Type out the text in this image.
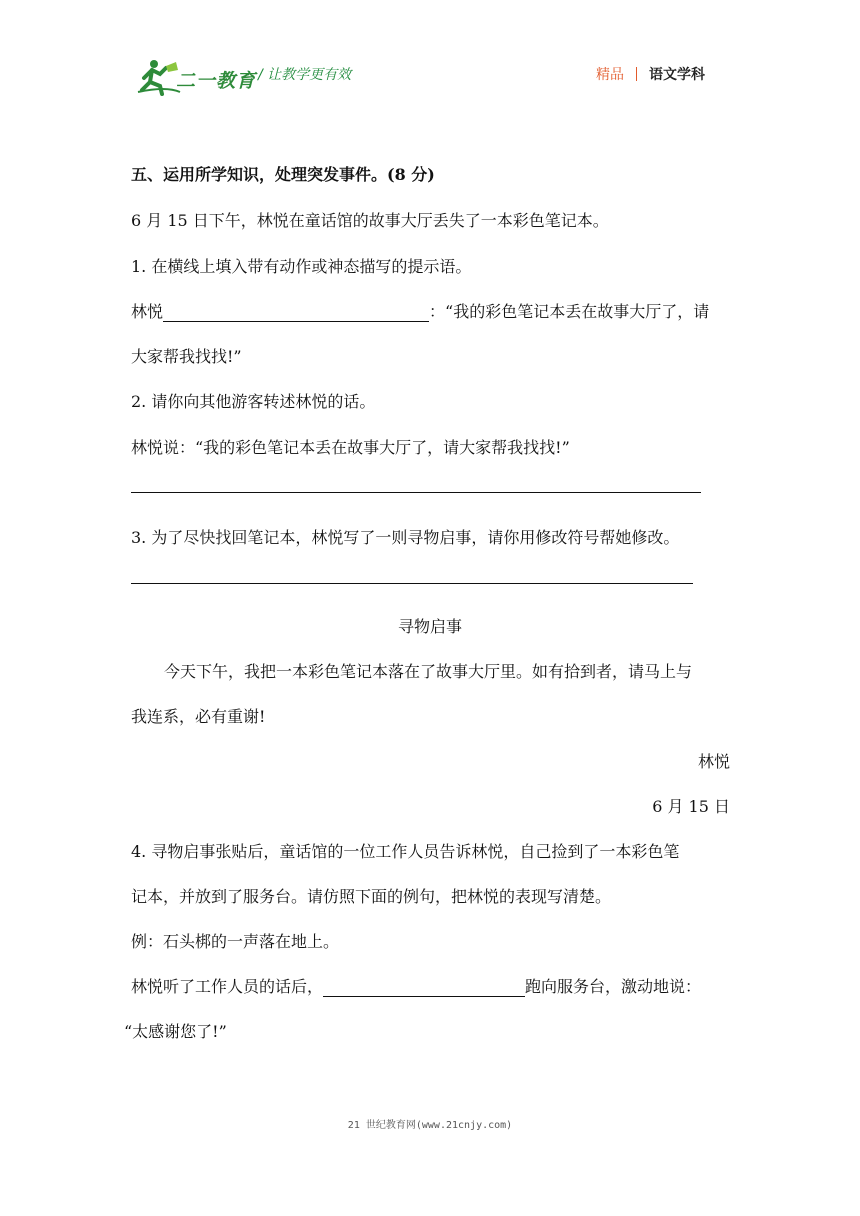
二一教育 / 让教学更有效	精品 语文学科
五、运用所学知识，处理突发事件。(8 分)
6 月 15 日下午，林悦在童话馆的故事大厅丢失了一本彩色笔记本。
1. 在横线上填入带有动作或神态描写的提示语。
林悦	：“我的彩色笔记本丢在故事大厅了，请
大家帮我找找!”
2. 请你向其他游客转述林悦的话。
林悦说：“我的彩色笔记本丢在故事大厅了，请大家帮我找找!”
3. 为了尽快找回笔记本，林悦写了一则寻物启事，请你用修改符号帮她修改。
寻物启事
今天下午，我把一本彩色笔记本落在了故事大厅里。如有拾到者，请马上与
我连系，必有重谢!
林悦
6 月 15 日
4. 寻物启事张贴后，童话馆的一位工作人员告诉林悦，自己捡到了一本彩色笔
记本，并放到了服务台。请仿照下面的例句，把林悦的表现写清楚。
例：石头梆的一声落在地上。
林悦听了工作人员的话后，	跑向服务台，激动地说：
“太感谢您了!”
21 世纪教育网(www.21cnjy.com)
